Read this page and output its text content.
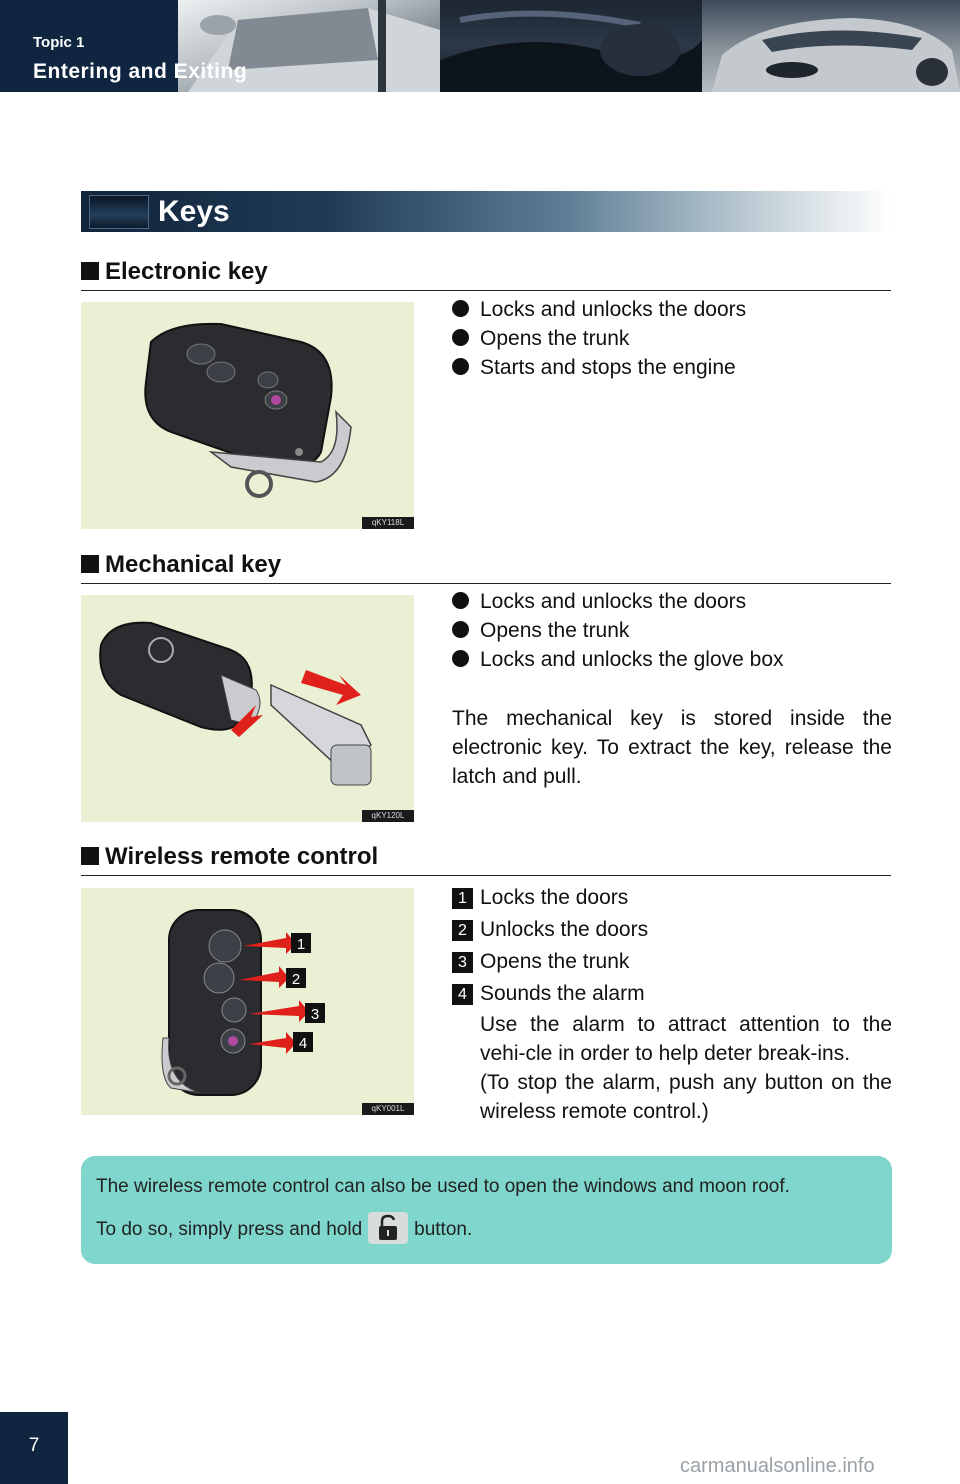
Topic 1
Entering and Exiting
Keys
Electronic key
qKY118L
Locks and unlocks the doors
Opens the trunk
Starts and stops the engine
Mechanical key
qKY120L
Locks and unlocks the doors
Opens the trunk
Locks and unlocks the glove box
The mechanical key is stored inside the electronic key. To extract the key, release the latch and pull.
Wireless remote control
1
2
3
4
qKY001L
1 Locks the doors
2 Unlocks the doors
3 Opens the trunk
4 Sounds the alarm
Use the alarm to attract attention to the vehi-cle in order to help deter break-ins.
(To stop the alarm, push any button on the wireless remote control.)
The wireless remote control can also be used to open the windows and moon roof.
To do so, simply press and hold	button.
7
carmanualsonline.info
